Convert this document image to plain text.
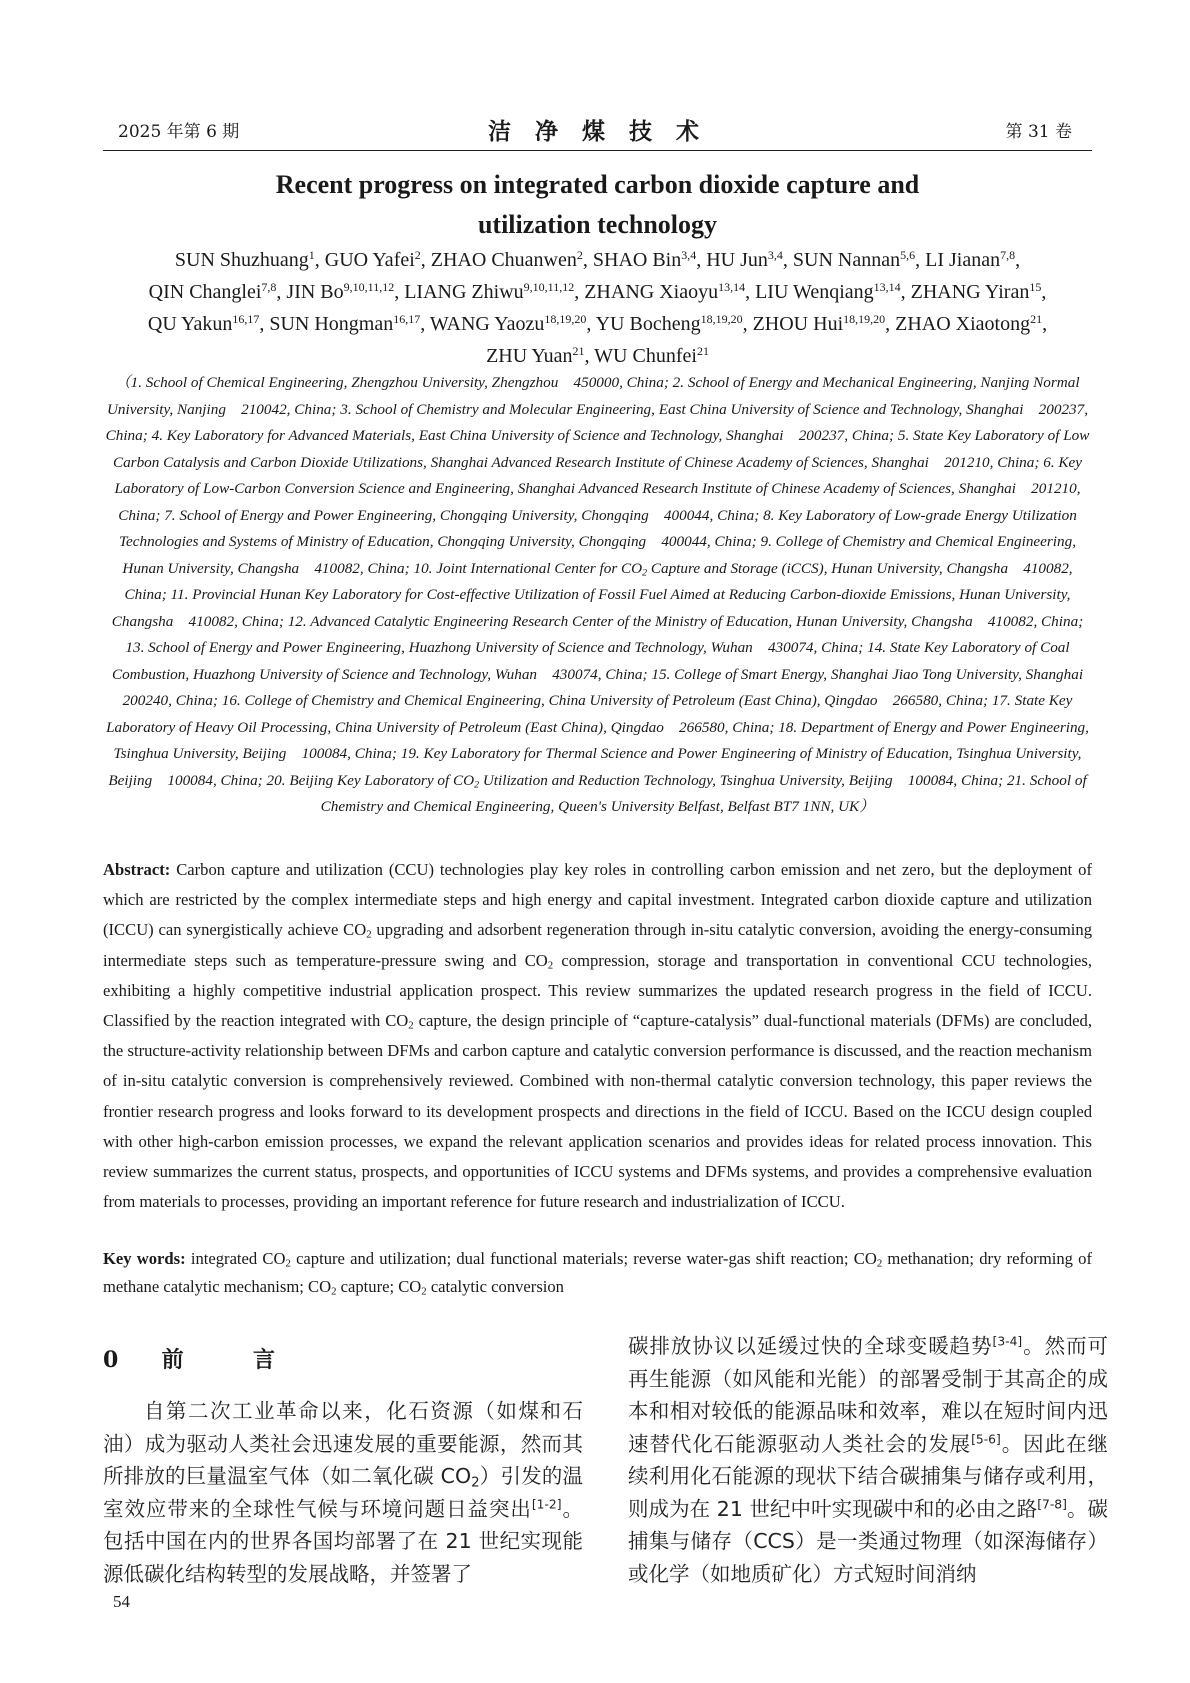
2025 年第 6 期	洁 净 煤 技 术	第 31 卷
Recent progress on integrated carbon dioxide capture and
utilization technology
SUN Shuzhuang$^1$, GUO Yafei$^2$, ZHAO Chuanwen$^2$, SHAO Bin$^{3,4}$, HU Jun$^{3,4}$, SUN Nannan$^{5,6}$, LI Jianan$^{7,8}$,
QIN Changlei$^{7,8}$, JIN Bo$^{9,10,11,12}$, LIANG Zhiwu$^{9,10,11,12}$, ZHANG Xiaoyu$^{13,14}$, LIU Wenqiang$^{13,14}$, ZHANG Yiran$^{15}$,
QU Yakun$^{16,17}$, SUN Hongman$^{16,17}$, WANG Yaozu$^{18,19,20}$, YU Bocheng$^{18,19,20}$, ZHOU Hui$^{18,19,20}$, ZHAO Xiaotong$^{21}$,
ZHU Yuan$^{21}$, WU Chunfei$^{21}$
（1. School of Chemical Engineering, Zhengzhou University, Zhengzhou　450000, China; 2. School of Energy and Mechanical Engineering, Nanjing Normal University, Nanjing　210042, China; 3. School of Chemistry and Molecular Engineering, East China University of Science and Technology, Shanghai　200237, China; 4. Key Laboratory for Advanced Materials, East China University of Science and Technology, Shanghai　200237, China; 5. State Key Laboratory of Low Carbon Catalysis and Carbon Dioxide Utilizations, Shanghai Advanced Research Institute of Chinese Academy of Sciences, Shanghai　201210, China; 6. Key Laboratory of Low-Carbon Conversion Science and Engineering, Shanghai Advanced Research Institute of Chinese Academy of Sciences, Shanghai　201210, China; 7. School of Energy and Power Engineering, Chongqing University, Chongqing　400044, China; 8. Key Laboratory of Low-grade Energy Utilization Technologies and Systems of Ministry of Education, Chongqing University, Chongqing　400044, China; 9. College of Chemistry and Chemical Engineering, Hunan University, Changsha　410082, China; 10. Joint International Center for $CO_2$ Capture and Storage (iCCS), Hunan University, Changsha　410082, China; 11. Provincial Hunan Key Laboratory for Cost-effective Utilization of Fossil Fuel Aimed at Reducing Carbon-dioxide Emissions, Hunan University, Changsha　410082, China; 12. Advanced Catalytic Engineering Research Center of the Ministry of Education, Hunan University, Changsha　410082, China; 13. School of Energy and Power Engineering, Huazhong University of Science and Technology, Wuhan　430074, China; 14. State Key Laboratory of Coal Combustion, Huazhong University of Science and Technology, Wuhan　430074, China; 15. College of Smart Energy, Shanghai Jiao Tong University, Shanghai　200240, China; 16. College of Chemistry and Chemical Engineering, China University of Petroleum (East China), Qingdao　266580, China; 17. State Key Laboratory of Heavy Oil Processing, China University of Petroleum (East China), Qingdao　266580, China; 18. Department of Energy and Power Engineering, Tsinghua University, Beijing　100084, China; 19. Key Laboratory for Thermal Science and Power Engineering of Ministry of Education, Tsinghua University, Beijing　100084, China; 20. Beijing Key Laboratory of $CO_2$ Utilization and Reduction Technology, Tsinghua University, Beijing　100084, China; 21. School of Chemistry and Chemical Engineering, Queen's University Belfast, Belfast BT7 1NN, UK）
Abstract: Carbon capture and utilization (CCU) technologies play key roles in controlling carbon emission and net zero, but the deployment of which are restricted by the complex intermediate steps and high energy and capital investment. Integrated carbon dioxide capture and utilization (ICCU) can synergistically achieve $CO_2$ upgrading and adsorbent regeneration through in-situ catalytic conversion, avoiding the energy-consuming intermediate steps such as temperature-pressure swing and $CO_2$ compression, storage and transportation in conventional CCU technologies, exhibiting a highly competitive industrial application prospect. This review summarizes the updated research progress in the field of ICCU. Classified by the reaction integrated with $CO_2$ capture, the design principle of “capture-catalysis” dual-functional materials (DFMs) are concluded, the structure-activity relationship between DFMs and carbon capture and catalytic conversion performance is discussed, and the reaction mechanism of in-situ catalytic conversion is comprehensively reviewed. Combined with non-thermal catalytic conversion technology, this paper reviews the frontier research progress and looks forward to its development prospects and directions in the field of ICCU. Based on the ICCU design coupled with other high-carbon emission processes, we expand the relevant application scenarios and provides ideas for related process innovation. This review summarizes the current status, prospects, and opportunities of ICCU systems and DFMs systems, and provides a comprehensive evaluation from materials to processes, providing an important reference for future research and industrialization of ICCU.
Key words: integrated $CO_2$ capture and utilization; dual functional materials; reverse water-gas shift reaction; $CO_2$ methanation; dry reforming of methane catalytic mechanism; $CO_2$ capture; $CO_2$ catalytic conversion
0 前	言
自第二次工业革命以来，化石资源（如煤和石油）成为驱动人类社会迅速发展的重要能源，然而其所排放的巨量温室气体（如二氧化碳 $CO_2$）引发的温室效应带来的全球性气候与环境问题日益突出[1-2]。包括中国在内的世界各国均部署了在 21 世纪实现能源低碳化结构转型的发展战略，并签署了
碳排放协议以延缓过快的全球变暖趋势[3-4]。然而可再生能源（如风能和光能）的部署受制于其高企的成本和相对较低的能源品味和效率，难以在短时间内迅速替代化石能源驱动人类社会的发展[5-6]。因此在继续利用化石能源的现状下结合碳捕集与储存或利用，则成为在 21 世纪中叶实现碳中和的必由之路[7-8]。碳捕集与储存（CCS）是一类通过物理（如深海储存）或化学（如地质矿化）方式短时间消纳
54
